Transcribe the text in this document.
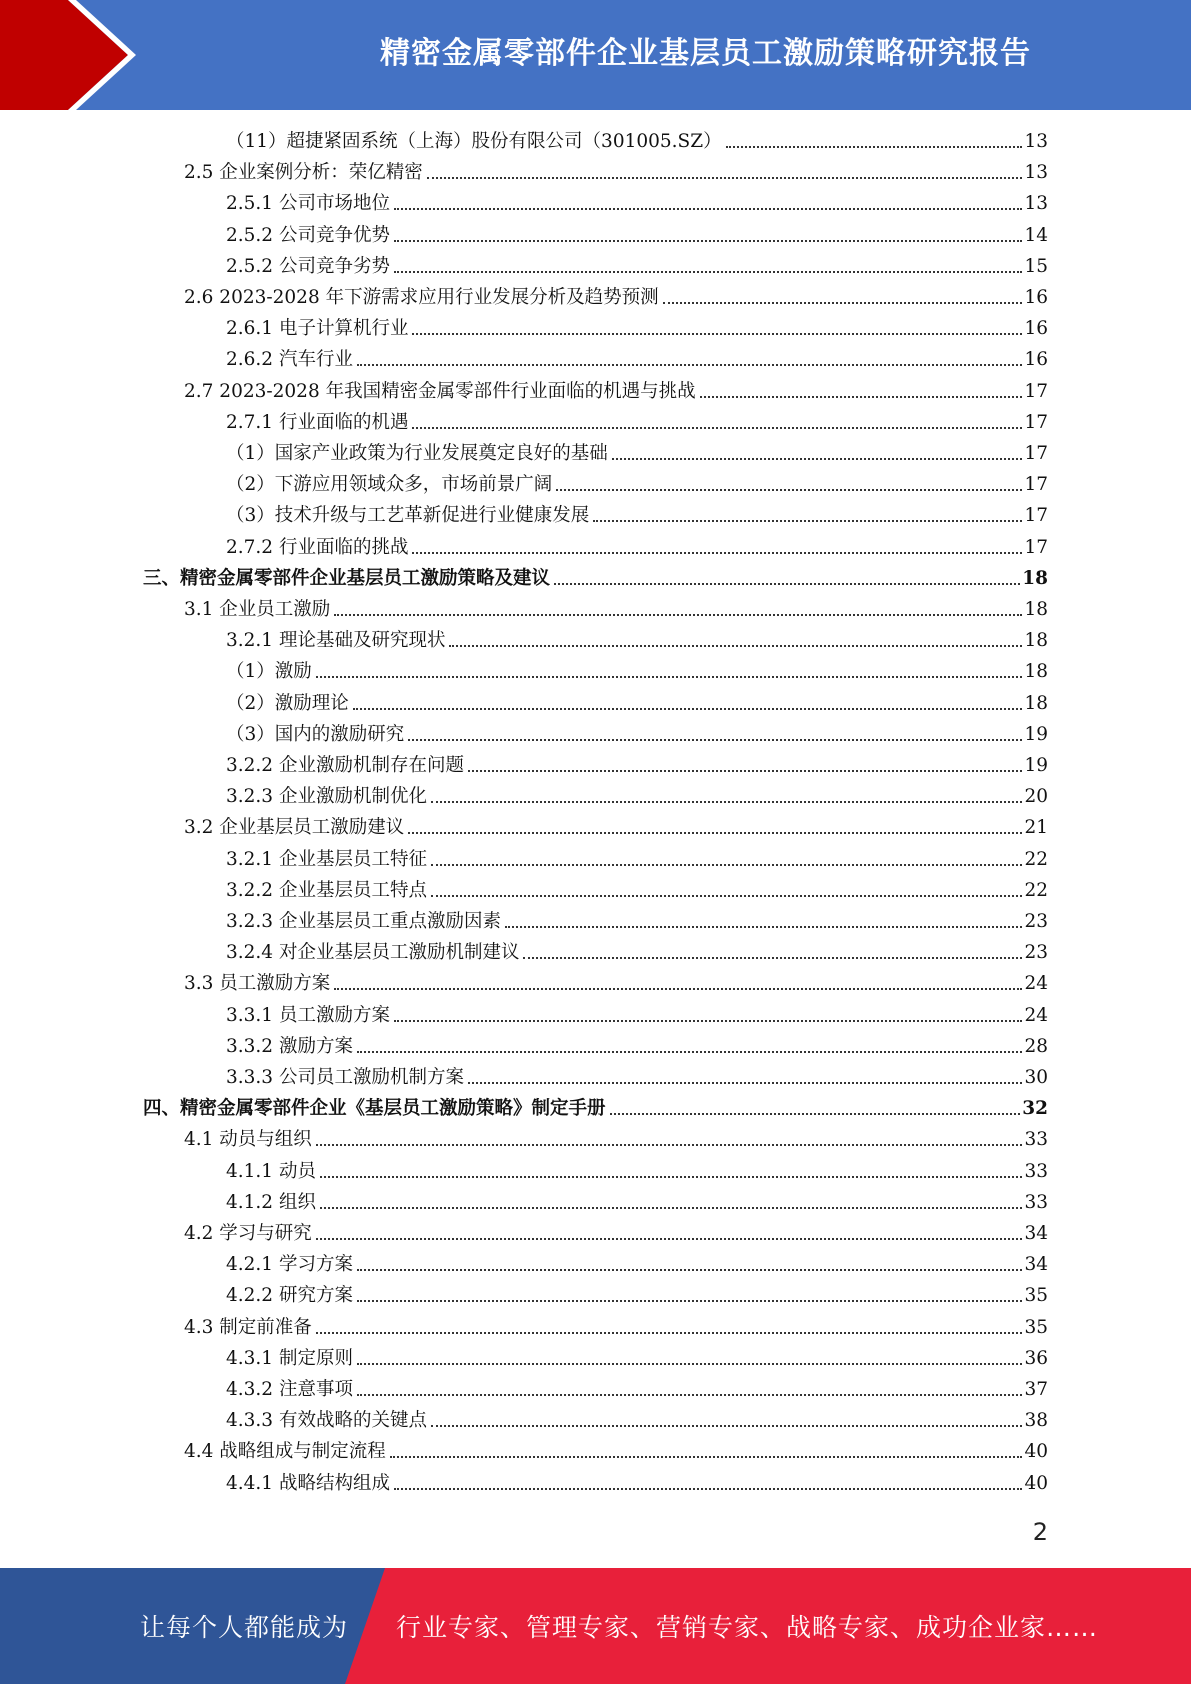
精密金属零部件企业基层员工激励策略研究报告
（11）超捷紧固系统（上海）股份有限公司（301005.SZ）	13
2.5 企业案例分析：荣亿精密	13
2.5.1 公司市场地位	13
2.5.2 公司竞争优势	14
2.5.2 公司竞争劣势	15
2.6 2023-2028 年下游需求应用行业发展分析及趋势预测	16
2.6.1 电子计算机行业	16
2.6.2 汽车行业	16
2.7 2023-2028 年我国精密金属零部件行业面临的机遇与挑战	17
2.7.1 行业面临的机遇	17
（1）国家产业政策为行业发展奠定良好的基础	17
（2）下游应用领域众多，市场前景广阔	17
（3）技术升级与工艺革新促进行业健康发展	17
2.7.2 行业面临的挑战	17
三、精密金属零部件企业基层员工激励策略及建议	18
3.1 企业员工激励	18
3.2.1 理论基础及研究现状	18
（1）激励	18
（2）激励理论	18
（3）国内的激励研究	19
3.2.2 企业激励机制存在问题	19
3.2.3 企业激励机制优化	20
3.2 企业基层员工激励建议	21
3.2.1 企业基层员工特征	22
3.2.2 企业基层员工特点	22
3.2.3 企业基层员工重点激励因素	23
3.2.4 对企业基层员工激励机制建议	23
3.3 员工激励方案	24
3.3.1 员工激励方案	24
3.3.2 激励方案	28
3.3.3 公司员工激励机制方案	30
四、精密金属零部件企业《基层员工激励策略》制定手册	32
4.1 动员与组织	33
4.1.1 动员	33
4.1.2 组织	33
4.2 学习与研究	34
4.2.1 学习方案	34
4.2.2 研究方案	35
4.3 制定前准备	35
4.3.1 制定原则	36
4.3.2 注意事项	37
4.3.3 有效战略的关键点	38
4.4 战略组成与制定流程	40
4.4.1 战略结构组成	40
2
让每个人都能成为 行业专家、管理专家、营销专家、战略专家、成功企业家……
